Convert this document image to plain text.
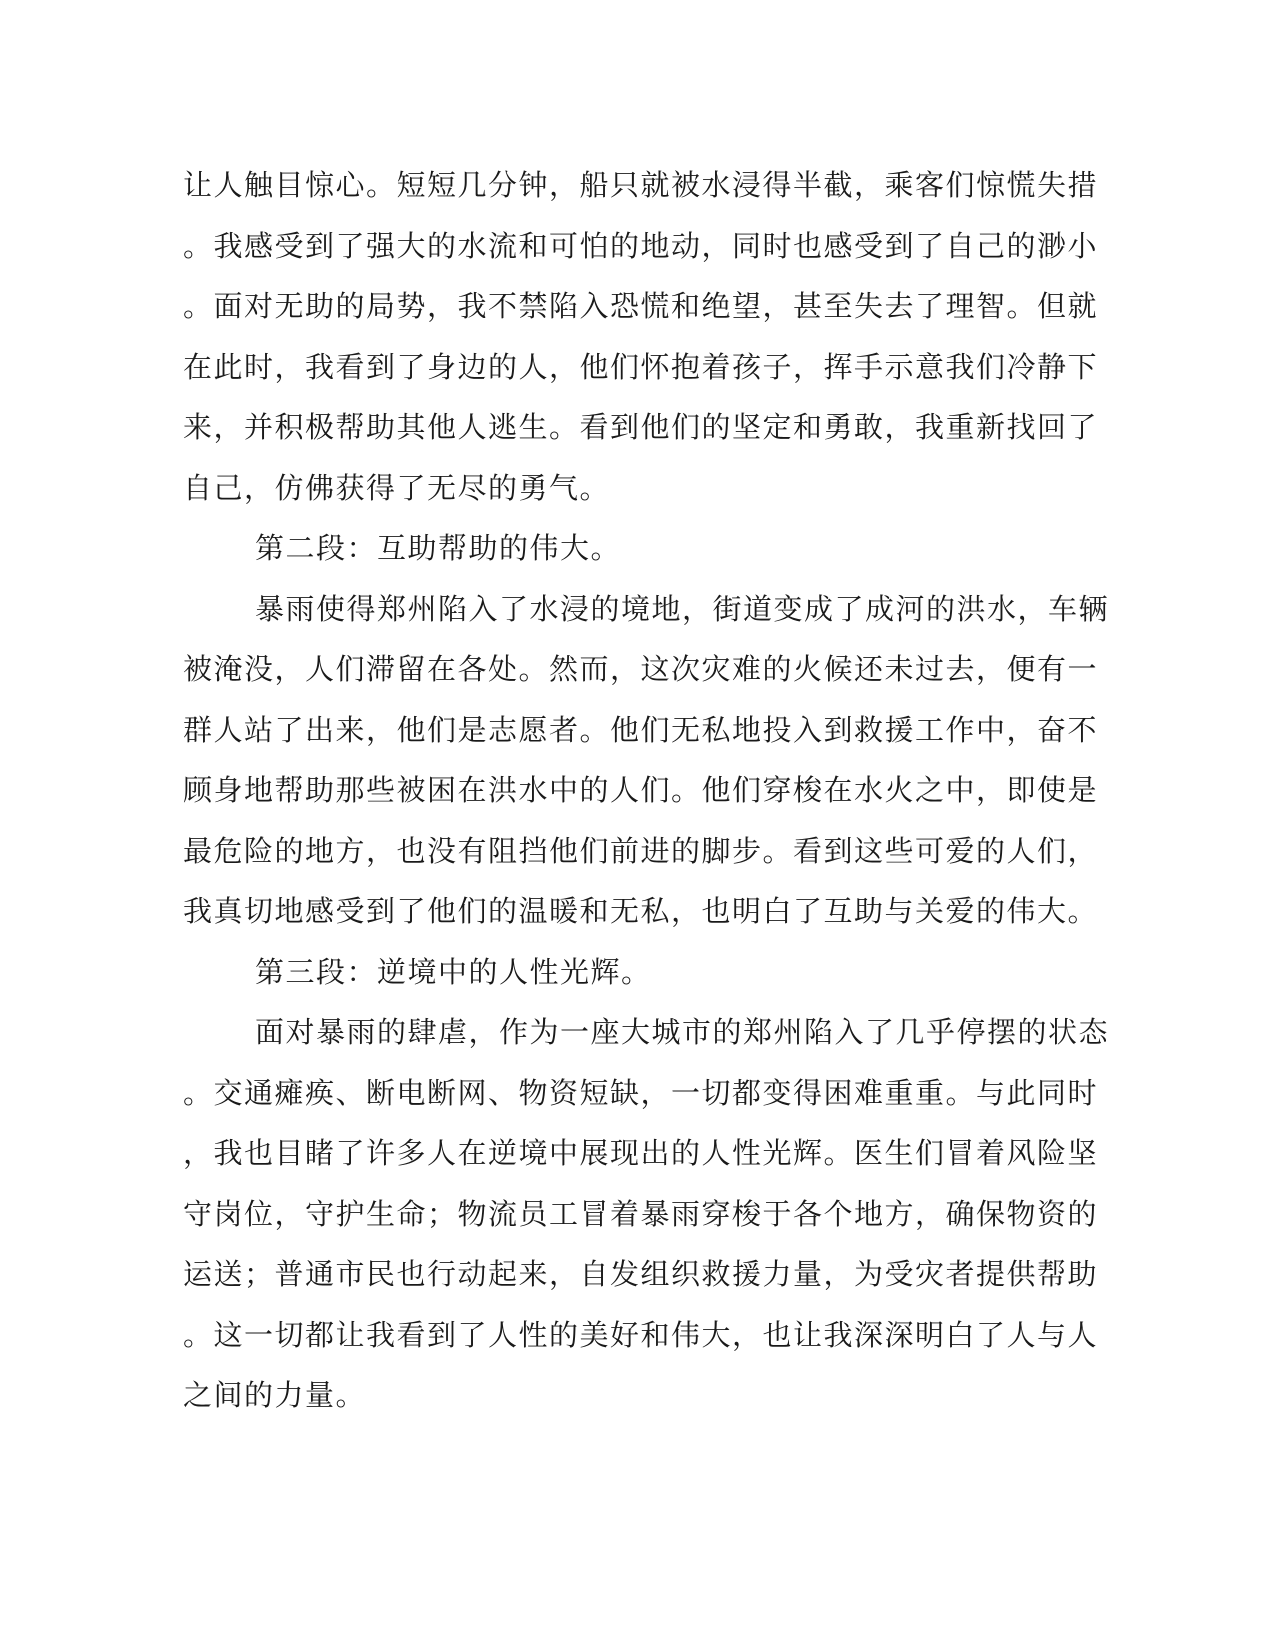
让人触目惊心。短短几分钟，船只就被水浸得半截，乘客们惊慌失措
。我感受到了强大的水流和可怕的地动，同时也感受到了自己的渺小
。面对无助的局势，我不禁陷入恐慌和绝望，甚至失去了理智。但就
在此时，我看到了身边的人，他们怀抱着孩子，挥手示意我们冷静下
来，并积极帮助其他人逃生。看到他们的坚定和勇敢，我重新找回了
自己，仿佛获得了无尽的勇气。
第二段：互助帮助的伟大。
暴雨使得郑州陷入了水浸的境地，街道变成了成河的洪水，车辆
被淹没，人们滞留在各处。然而，这次灾难的火候还未过去，便有一
群人站了出来，他们是志愿者。他们无私地投入到救援工作中，奋不
顾身地帮助那些被困在洪水中的人们。他们穿梭在水火之中，即使是
最危险的地方，也没有阻挡他们前进的脚步。看到这些可爱的人们，
我真切地感受到了他们的温暖和无私，也明白了互助与关爱的伟大。
第三段：逆境中的人性光辉。
面对暴雨的肆虐，作为一座大城市的郑州陷入了几乎停摆的状态
。交通瘫痪、断电断网、物资短缺，一切都变得困难重重。与此同时
，我也目睹了许多人在逆境中展现出的人性光辉。医生们冒着风险坚
守岗位，守护生命；物流员工冒着暴雨穿梭于各个地方，确保物资的
运送；普通市民也行动起来，自发组织救援力量，为受灾者提供帮助
。这一切都让我看到了人性的美好和伟大，也让我深深明白了人与人
之间的力量。
